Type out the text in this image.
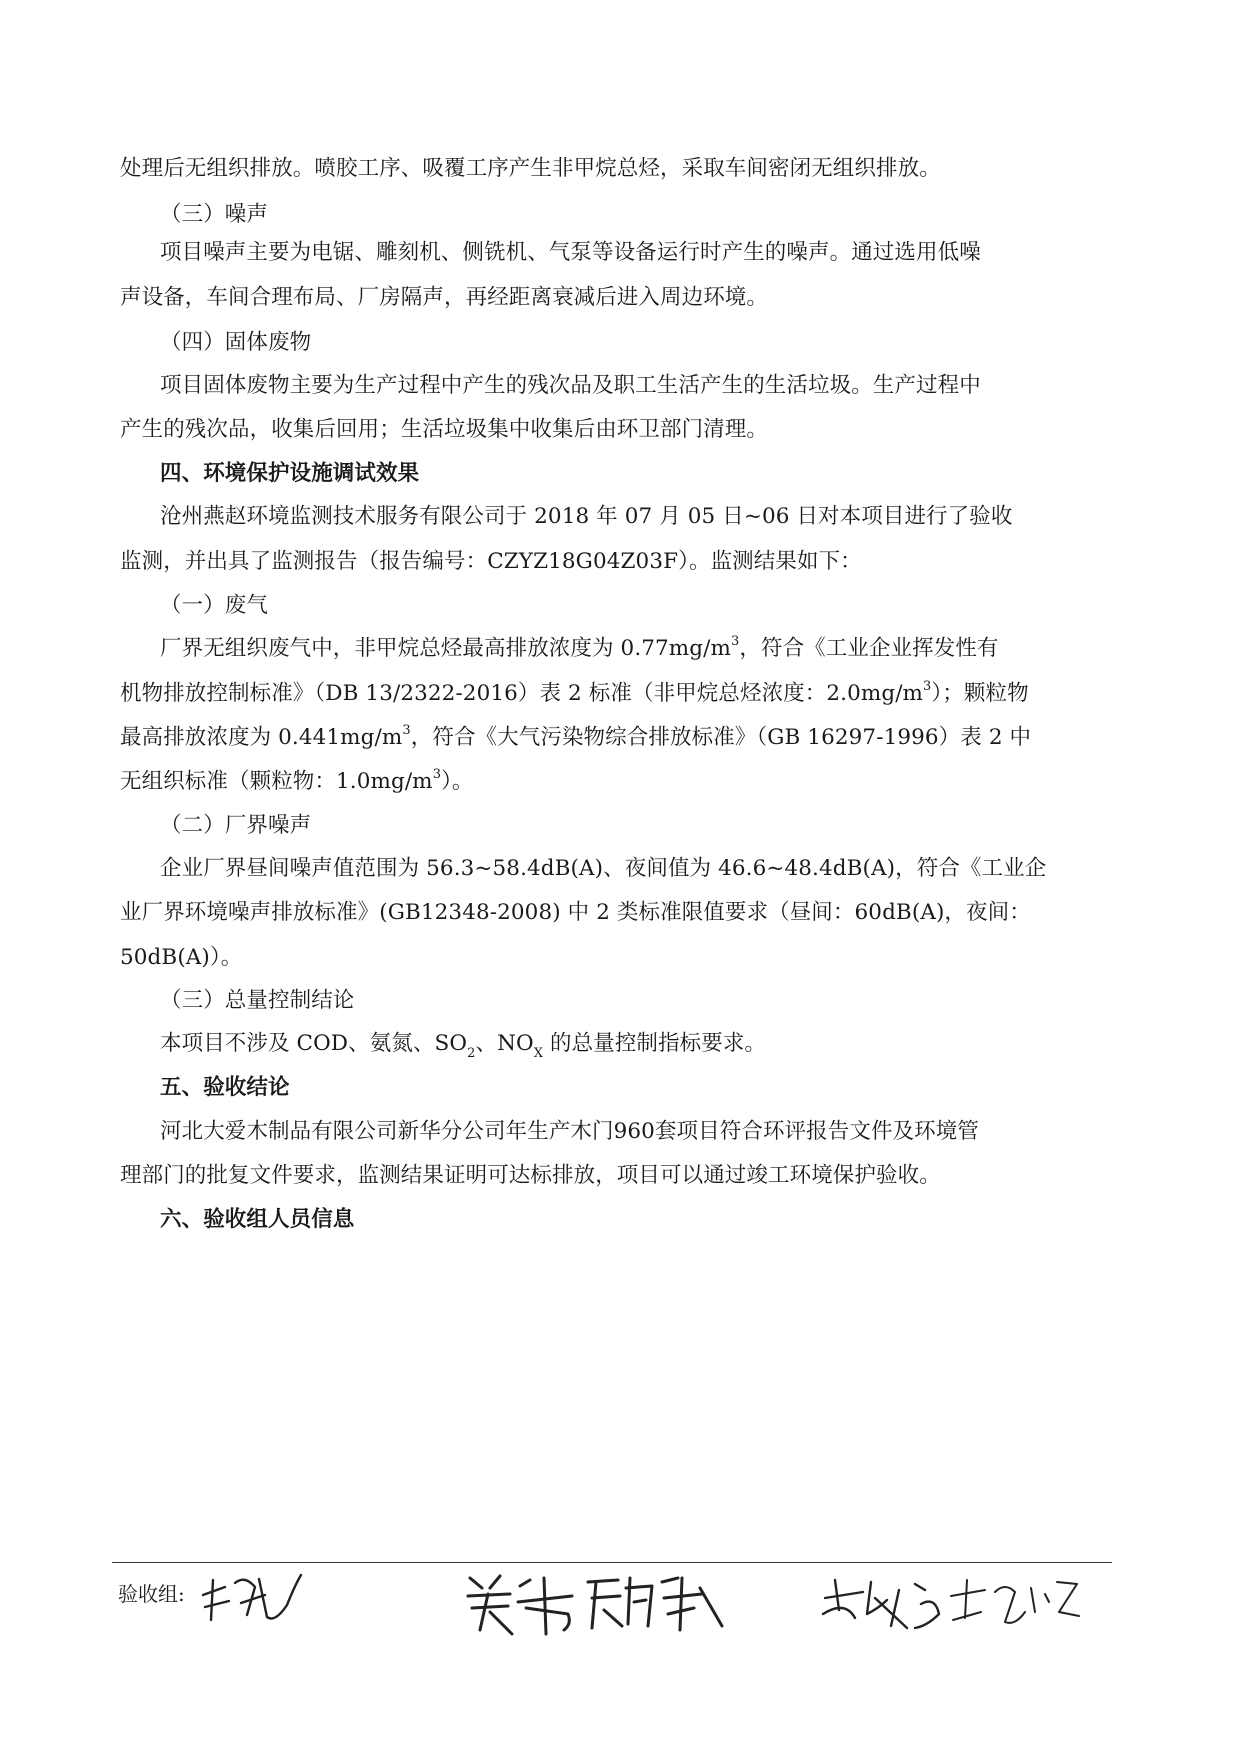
处理后无组织排放。喷胶工序、吸覆工序产生非甲烷总烃，采取车间密闭无组织排放。
（三）噪声
项目噪声主要为电锯、雕刻机、侧铣机、气泵等设备运行时产生的噪声。通过选用低噪
声设备，车间合理布局、厂房隔声，再经距离衰减后进入周边环境。
（四）固体废物
项目固体废物主要为生产过程中产生的残次品及职工生活产生的生活垃圾。生产过程中
产生的残次品，收集后回用；生活垃圾集中收集后由环卫部门清理。
四、环境保护设施调试效果
沧州燕赵环境监测技术服务有限公司于 2018 年 07 月 05 日~06 日对本项目进行了验收
监测，并出具了监测报告（报告编号：CZYZ18G04Z03F）。监测结果如下：
（一）废气
厂界无组织废气中，非甲烷总烃最高排放浓度为 $0.77mg/m^3$，符合《工业企业挥发性有
机物排放控制标准》（DB 13/2322-2016）表 2 标准（非甲烷总烃浓度：$2.0mg/m^3$）；颗粒物
最高排放浓度为 $0.441mg/m^3$，符合《大气污染物综合排放标准》（GB 16297-1996）表 2 中
无组织标准（颗粒物：$1.0mg/m^3$）。
（二）厂界噪声
企业厂界昼间噪声值范围为 56.3~58.4dB(A)、夜间值为 46.6~48.4dB(A)，符合《工业企
业厂界环境噪声排放标准》(GB12348-2008) 中 2 类标准限值要求（昼间：60dB(A)，夜间：
50dB(A)）。
（三）总量控制结论
本项目不涉及 COD、氨氮、$SO_2$、$NO_X$ 的总量控制指标要求。
五、验收结论
河北大爱木制品有限公司新华分公司年生产木门960套项目符合环评报告文件及环境管
理部门的批复文件要求，监测结果证明可达标排放，项目可以通过竣工环境保护验收。
六、验收组人员信息
验收组:
